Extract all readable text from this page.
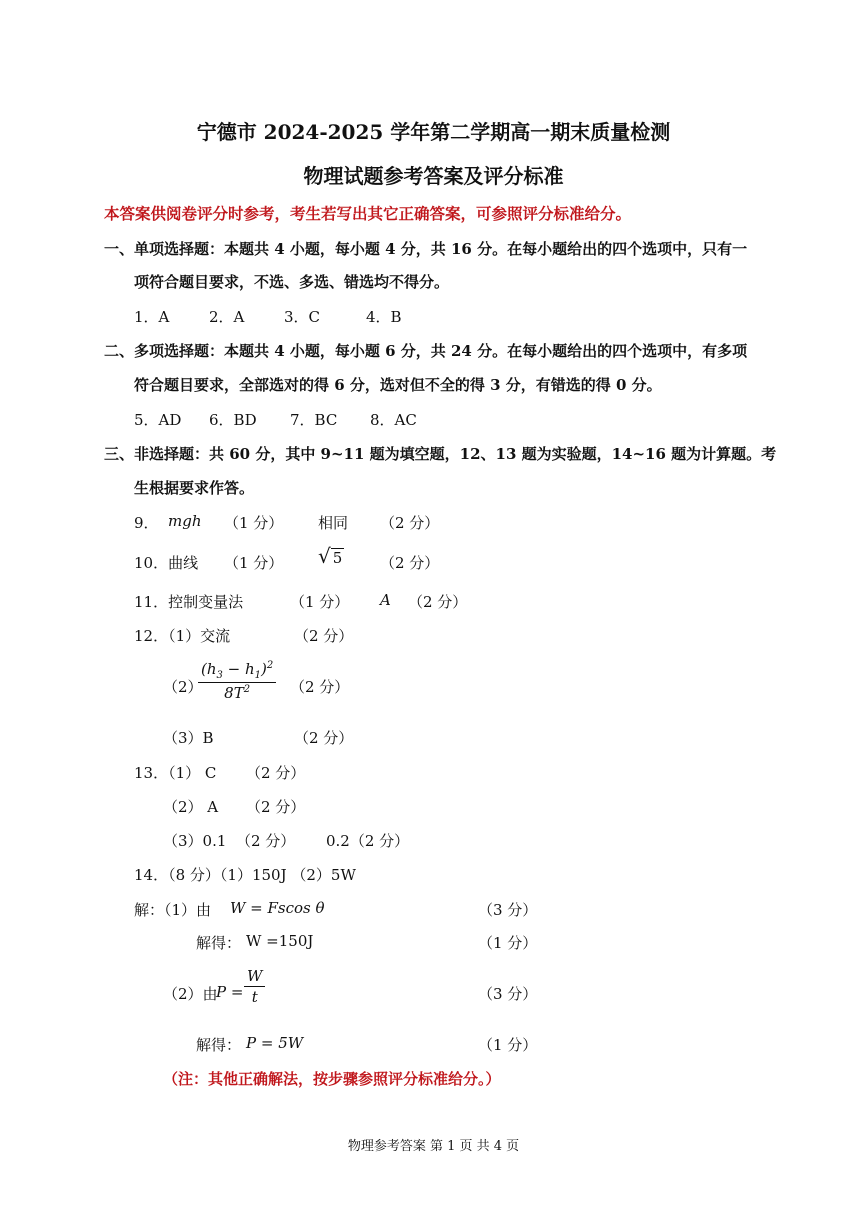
宁德市 2024-2025 学年第二学期高一期末质量检测
物理试题参考答案及评分标准
本答案供阅卷评分时参考，考生若写出其它正确答案，可参照评分标准给分。
一、单项选择题：本题共 4 小题，每小题 4 分，共 16 分。在每小题给出的四个选项中，只有一
项符合题目要求，不选、多选、错选均不得分。
1．A	2．A	3．C	4．B
二、多项选择题：本题共 4 小题，每小题 6 分，共 24 分。在每小题给出的四个选项中，有多项
符合题目要求，全部选对的得 6 分，选对但不全的得 3 分，有错选的得 0 分。
5．AD 6．BD 7．BC 8．AC
三、非选择题：共 60 分，其中 9~11 题为填空题，12、13 题为实验题，14~16 题为计算题。考
生根据要求作答。
9． mgh （1 分） 相同 （2 分）
10．曲线 （1 分） √ 5	（2 分）
11．控制变量法	（1 分） A （2 分）
12．（1）交流	（2 分）
（2）
$\frac{(h_3 - h_1)^2}{8T^2} (2$ 分）
（3）B	（2 分）
13．（1） C （2 分）
（2） A （2 分）
（3）0.1 （2 分） 0.2（2 分）
14．（8 分）（1）150J （2）5W
解：（1）由 W = Fscos θ	（3 分）
解得： W =150J	（1 分）
（2）由
$P = \frac{W}{t}$	（3 分）
解得： P = 5W	（1 分）
（注：其他正确解法，按步骤参照评分标准给分。）
物理参考答案 第 1 页 共 4 页
